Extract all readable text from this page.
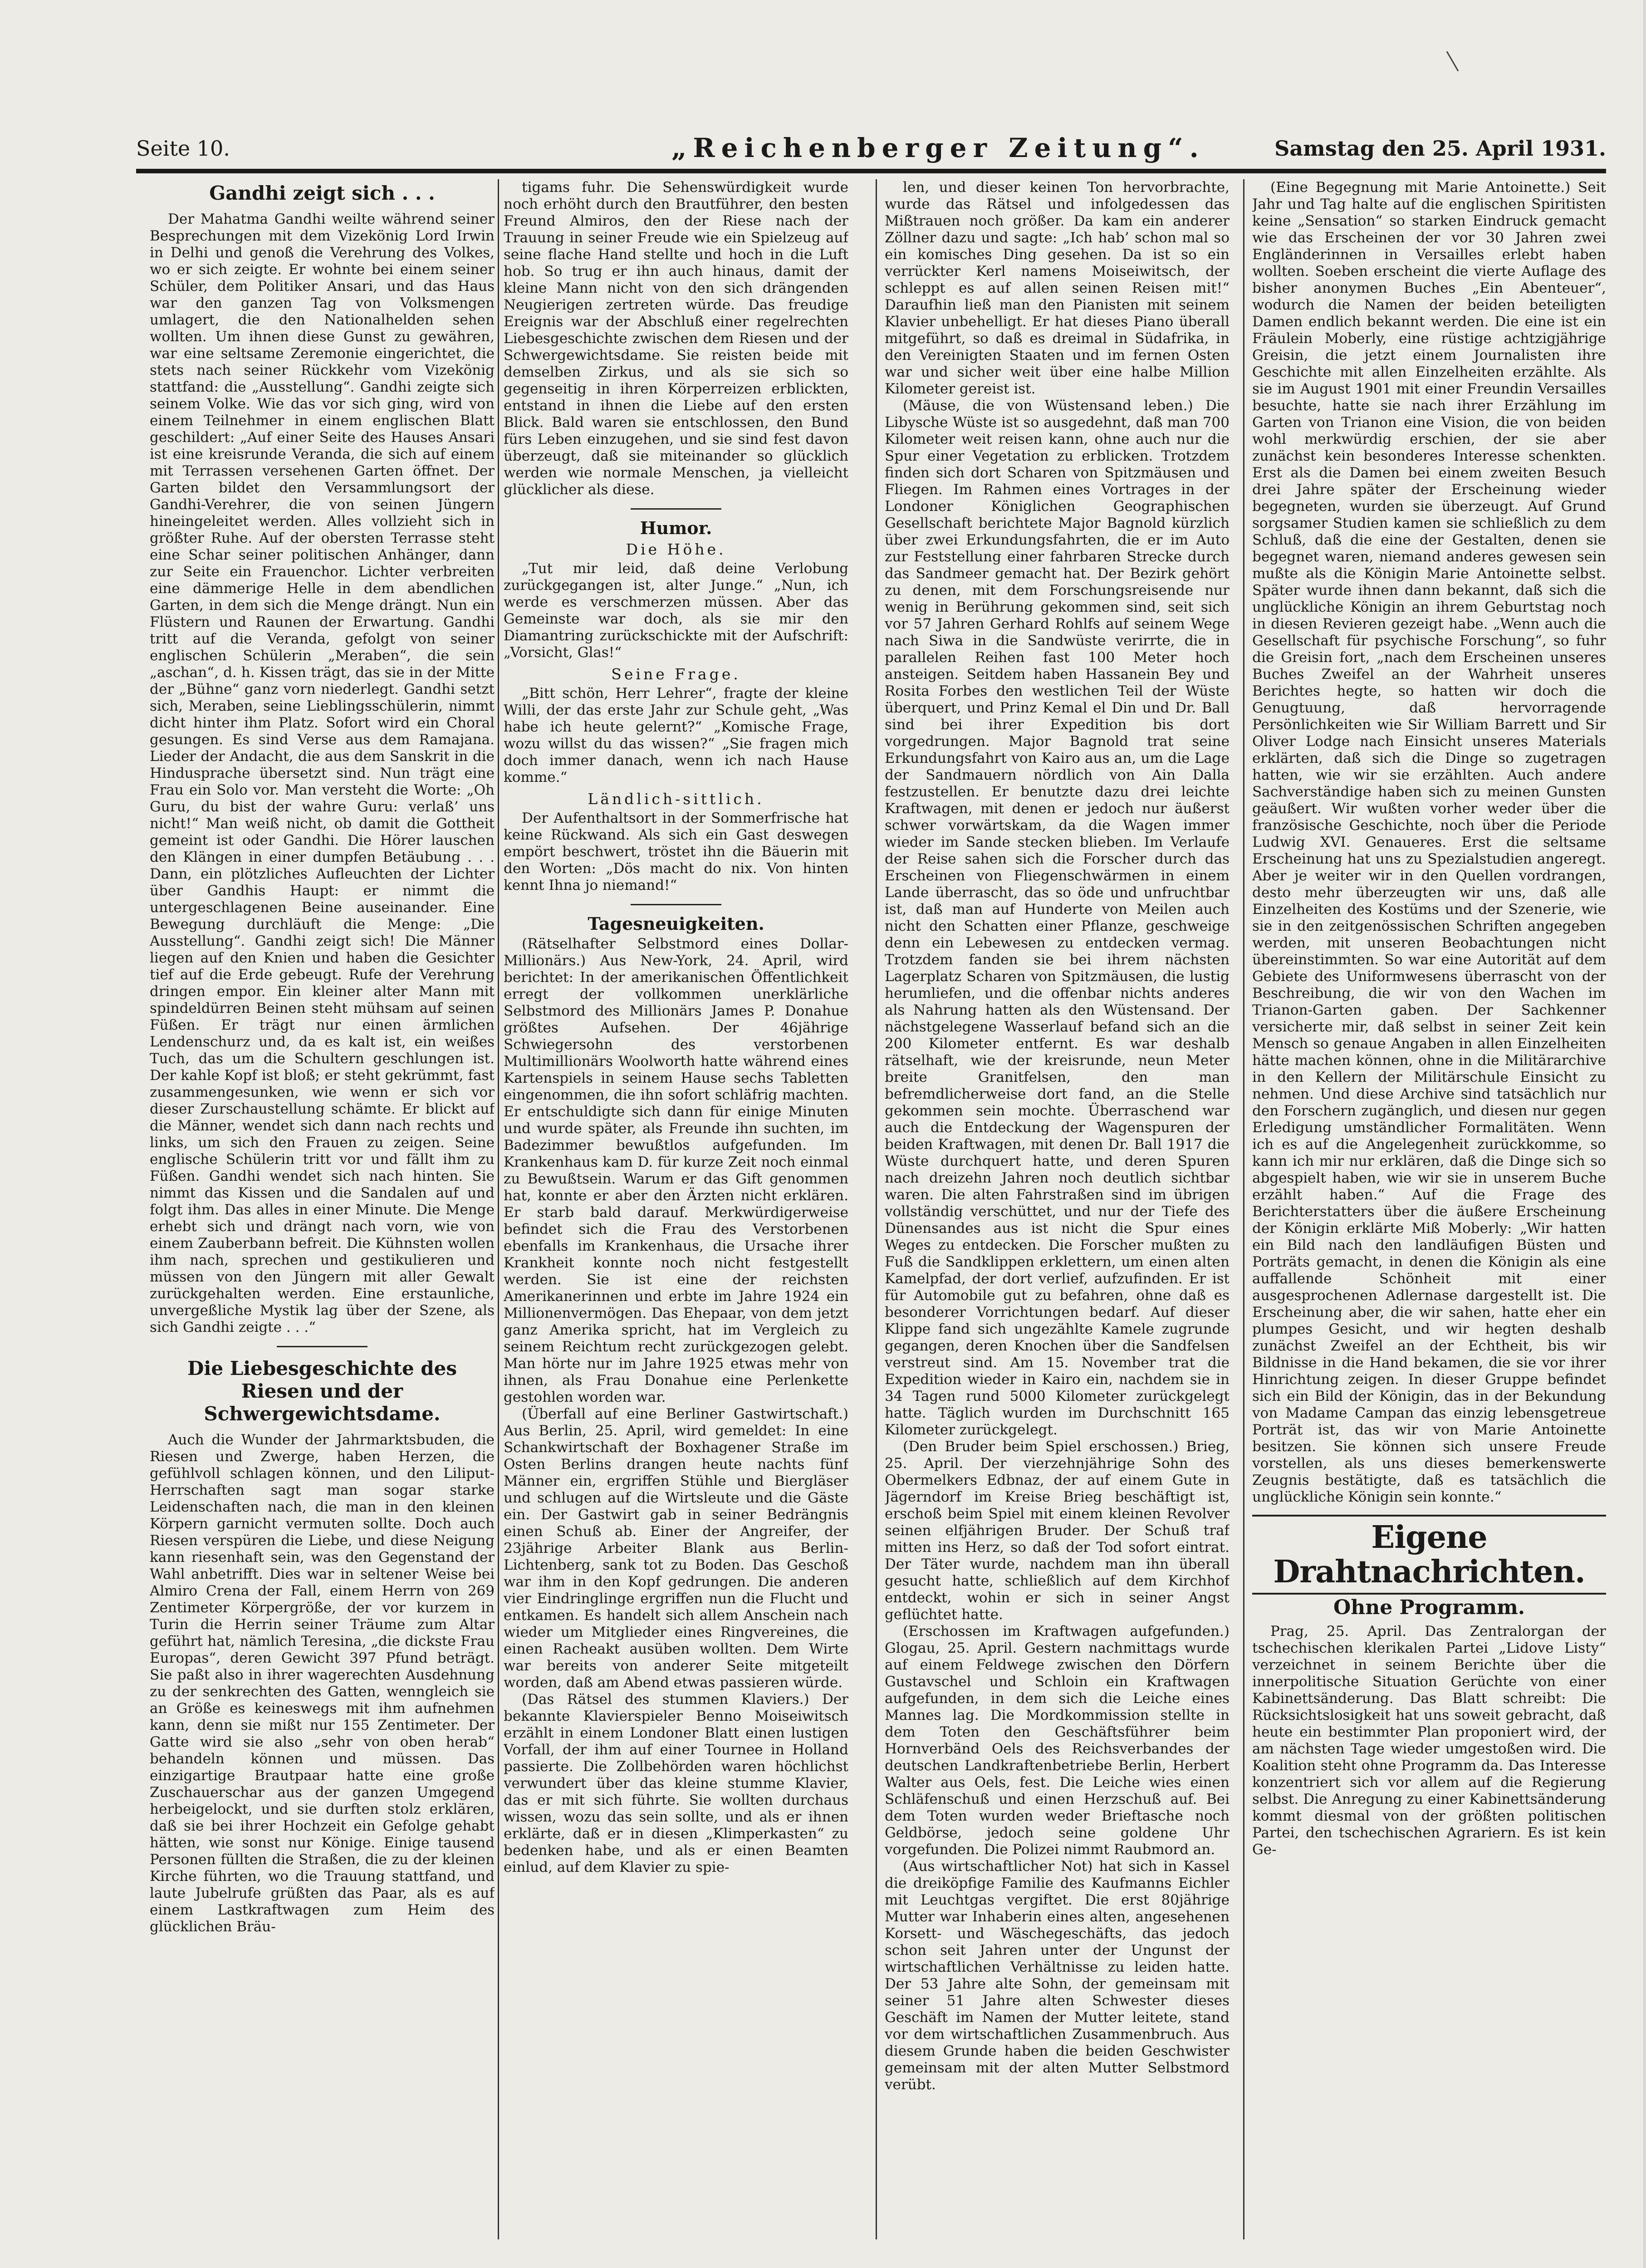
Seite 10.	„Reichenberger Zeitung“.	Samstag den 25. April 1931.
Gandhi zeigt sich . . .

Der Mahatma Gandhi weilte während seiner Besprechungen mit dem Vizekönig Lord Irwin in Delhi und genoß die Verehrung des Volkes, wo er sich zeigte. Er wohnte bei einem seiner Schüler, dem Politiker Ansari, und das Haus war den ganzen Tag von Volksmengen umlagert, die den Nationalhelden sehen wollten. Um ihnen diese Gunst zu gewähren, war eine seltsame Zeremonie eingerichtet, die stets nach seiner Rückkehr vom Vizekönig stattfand: die „Ausstellung“. Gandhi zeigte sich seinem Volke. Wie das vor sich ging, wird von einem Teilnehmer in einem englischen Blatt geschildert: „Auf einer Seite des Hauses Ansari ist eine kreisrunde Veranda, die sich auf einem mit Terrassen versehenen Garten öffnet. Der Garten bildet den Versammlungsort der Gandhi-Verehrer, die von seinen Jüngern hineingeleitet werden. Alles vollzieht sich in größter Ruhe. Auf der obersten Terrasse steht eine Schar seiner politischen Anhänger, dann zur Seite ein Frauenchor. Lichter verbreiten eine dämmerige Helle in dem abendlichen Garten, in dem sich die Menge drängt. Nun ein Flüstern und Raunen der Erwartung. Gandhi tritt auf die Veranda, gefolgt von seiner englischen Schülerin „Meraben“, die sein „aschan“, d. h. Kissen trägt, das sie in der Mitte der „Bühne“ ganz vorn niederlegt. Gandhi setzt sich, Meraben, seine Lieblingsschülerin, nimmt dicht hinter ihm Platz. Sofort wird ein Choral gesungen. Es sind Verse aus dem Ramajana. Lieder der Andacht, die aus dem Sanskrit in die Hindusprache übersetzt sind. Nun trägt eine Frau ein Solo vor. Man versteht die Worte: „Oh Guru, du bist der wahre Guru: verlaß’ uns nicht!“ Man weiß nicht, ob damit die Gottheit gemeint ist oder Gandhi. Die Hörer lauschen den Klängen in einer dumpfen Betäubung . . . Dann, ein plötzliches Aufleuchten der Lichter über Gandhis Haupt: er nimmt die untergeschlagenen Beine auseinander. Eine Bewegung durchläuft die Menge: „Die Ausstellung“. Gandhi zeigt sich! Die Männer liegen auf den Knien und haben die Gesichter tief auf die Erde gebeugt. Rufe der Verehrung dringen empor. Ein kleiner alter Mann mit spindeldürren Beinen steht mühsam auf seinen Füßen. Er trägt nur einen ärmlichen Lendenschurz und, da es kalt ist, ein weißes Tuch, das um die Schultern geschlungen ist. Der kahle Kopf ist bloß; er steht gekrümmt, fast zusammengesunken, wie wenn er sich vor dieser Zurschaustellung schämte. Er blickt auf die Männer, wendet sich dann nach rechts und links, um sich den Frauen zu zeigen. Seine englische Schülerin tritt vor und fällt ihm zu Füßen. Gandhi wendet sich nach hinten. Sie nimmt das Kissen und die Sandalen auf und folgt ihm. Das alles in einer Minute. Die Menge erhebt sich und drängt nach vorn, wie von einem Zauberbann befreit. Die Kühnsten wollen ihm nach, sprechen und gestikulieren und müssen von den Jüngern mit aller Gewalt zurückgehalten werden. Eine erstaunliche, unvergeßliche Mystik lag über der Szene, als sich Gandhi zeigte . . .“

Die Liebesgeschichte des Riesen und der Schwergewichtsdame.

Auch die Wunder der Jahrmarktsbuden, die Riesen und Zwerge, haben Herzen, die gefühlvoll schlagen können, und den Liliput-Herrschaften sagt man sogar starke Leidenschaften nach, die man in den kleinen Körpern garnicht vermuten sollte. Doch auch Riesen verspüren die Liebe, und diese Neigung kann riesenhaft sein, was den Gegenstand der Wahl anbetrifft. Dies war in seltener Weise bei Almiro Crena der Fall, einem Herrn von 269 Zentimeter Körpergröße, der vor kurzem in Turin die Herrin seiner Träume zum Altar geführt hat, nämlich Teresina, „die dickste Frau Europas“, deren Gewicht 397 Pfund beträgt. Sie paßt also in ihrer wagerechten Ausdehnung zu der senkrechten des Gatten, wenngleich sie an Größe es keineswegs mit ihm aufnehmen kann, denn sie mißt nur 155 Zentimeter. Der Gatte wird sie also „sehr von oben herab“ behandeln können und müssen. Das einzigartige Brautpaar hatte eine große Zuschauerschar aus der ganzen Umgegend herbeigelockt, und sie durften stolz erklären, daß sie bei ihrer Hochzeit ein Gefolge gehabt hätten, wie sonst nur Könige. Einige tausend Personen füllten die Straßen, die zu der kleinen Kirche führten, wo die Trauung stattfand, und laute Jubelrufe grüßten das Paar, als es auf einem Lastkraftwagen zum Heim des glücklichen Bräu-

tigams fuhr. Die Sehenswürdigkeit wurde noch erhöht durch den Brautführer, den besten Freund Almiros, den der Riese nach der Trauung in seiner Freude wie ein Spielzeug auf seine flache Hand stellte und hoch in die Luft hob. So trug er ihn auch hinaus, damit der kleine Mann nicht von den sich drängenden Neugierigen zertreten würde. Das freudige Ereignis war der Abschluß einer regelrechten Liebesgeschichte zwischen dem Riesen und der Schwergewichtsdame. Sie reisten beide mit demselben Zirkus, und als sie sich so gegenseitig in ihren Körperreizen erblickten, entstand in ihnen die Liebe auf den ersten Blick. Bald waren sie entschlossen, den Bund fürs Leben einzugehen, und sie sind fest davon überzeugt, daß sie miteinander so glücklich werden wie normale Menschen, ja vielleicht glücklicher als diese.

Humor.
Die Höhe.

„Tut mir leid, daß deine Verlobung zurückgegangen ist, alter Junge.“ „Nun, ich werde es verschmerzen müssen. Aber das Gemeinste war doch, als sie mir den Diamantring zurückschickte mit der Aufschrift: „Vorsicht, Glas!“

Seine Frage.

„Bitt schön, Herr Lehrer“, fragte der kleine Willi, der das erste Jahr zur Schule geht, „Was habe ich heute gelernt?“ „Komische Frage, wozu willst du das wissen?“ „Sie fragen mich doch immer danach, wenn ich nach Hause komme.“

Ländlich-sittlich.

Der Aufenthaltsort in der Sommerfrische hat keine Rückwand. Als sich ein Gast deswegen empört beschwert, tröstet ihn die Bäuerin mit den Worten: „Dös macht do nix. Von hinten kennt Ihna jo niemand!“

Tagesneuigkeiten.

(Rätselhafter Selbstmord eines Dollar-Millionärs.) Aus New-York, 24. April, wird berichtet: In der amerikanischen Öffentlichkeit erregt der vollkommen unerklärliche Selbstmord des Millionärs James P. Donahue größtes Aufsehen. Der 46jährige Schwiegersohn des verstorbenen Multimillionärs Woolworth hatte während eines Kartenspiels in seinem Hause sechs Tabletten eingenommen, die ihn sofort schläfrig machten. Er entschuldigte sich dann für einige Minuten und wurde später, als Freunde ihn suchten, im Badezimmer bewußtlos aufgefunden. Im Krankenhaus kam D. für kurze Zeit noch einmal zu Bewußtsein. Warum er das Gift genommen hat, konnte er aber den Ärzten nicht erklären. Er starb bald darauf. Merkwürdigerweise befindet sich die Frau des Verstorbenen ebenfalls im Krankenhaus, die Ursache ihrer Krankheit konnte noch nicht festgestellt werden. Sie ist eine der reichsten Amerikanerinnen und erbte im Jahre 1924 ein Millionenvermögen. Das Ehepaar, von dem jetzt ganz Amerika spricht, hat im Vergleich zu seinem Reichtum recht zurückgezogen gelebt. Man hörte nur im Jahre 1925 etwas mehr von ihnen, als Frau Donahue eine Perlenkette gestohlen worden war.

(Überfall auf eine Berliner Gastwirtschaft.) Aus Berlin, 25. April, wird gemeldet: In eine Schankwirtschaft der Boxhagener Straße im Osten Berlins drangen heute nachts fünf Männer ein, ergriffen Stühle und Biergläser und schlugen auf die Wirtsleute und die Gäste ein. Der Gastwirt gab in seiner Bedrängnis einen Schuß ab. Einer der Angreifer, der 23jährige Arbeiter Blank aus Berlin-Lichtenberg, sank tot zu Boden. Das Geschoß war ihm in den Kopf gedrungen. Die anderen vier Eindringlinge ergriffen nun die Flucht und entkamen. Es handelt sich allem Anschein nach wieder um Mitglieder eines Ringvereines, die einen Racheakt ausüben wollten. Dem Wirte war bereits von anderer Seite mitgeteilt worden, daß am Abend etwas passieren würde.

(Das Rätsel des stummen Klaviers.) Der bekannte Klavierspieler Benno Moiseiwitsch erzählt in einem Londoner Blatt einen lustigen Vorfall, der ihm auf einer Tournee in Holland passierte. Die Zollbehörden waren höchlichst verwundert über das kleine stumme Klavier, das er mit sich führte. Sie wollten durchaus wissen, wozu das sein sollte, und als er ihnen erklärte, daß er in diesen „Klimperkasten“ zu bedenken habe, und als er einen Beamten einlud, auf dem Klavier zu spie-

len, und dieser keinen Ton hervorbrachte, wurde das Rätsel und infolgedessen das Mißtrauen noch größer. Da kam ein anderer Zöllner dazu und sagte: „Ich hab’ schon mal so ein komisches Ding gesehen. Da ist so ein verrückter Kerl namens Moiseiwitsch, der schleppt es auf allen seinen Reisen mit!“ Daraufhin ließ man den Pianisten mit seinem Klavier unbehelligt. Er hat dieses Piano überall mitgeführt, so daß es dreimal in Südafrika, in den Vereinigten Staaten und im fernen Osten war und sicher weit über eine halbe Million Kilometer gereist ist.

(Mäuse, die von Wüstensand leben.) Die Libysche Wüste ist so ausgedehnt, daß man 700 Kilometer weit reisen kann, ohne auch nur die Spur einer Vegetation zu erblicken. Trotzdem finden sich dort Scharen von Spitzmäusen und Fliegen. Im Rahmen eines Vortrages in der Londoner Königlichen Geographischen Gesellschaft berichtete Major Bagnold kürzlich über zwei Erkundungsfahrten, die er im Auto zur Feststellung einer fahrbaren Strecke durch das Sandmeer gemacht hat. Der Bezirk gehört zu denen, mit dem Forschungsreisende nur wenig in Berührung gekommen sind, seit sich vor 57 Jahren Gerhard Rohlfs auf seinem Wege nach Siwa in die Sandwüste verirrte, die in parallelen Reihen fast 100 Meter hoch ansteigen. Seitdem haben Hassanein Bey und Rosita Forbes den westlichen Teil der Wüste überquert, und Prinz Kemal el Din und Dr. Ball sind bei ihrer Expedition bis dort vorgedrungen. Major Bagnold trat seine Erkundungsfahrt von Kairo aus an, um die Lage der Sandmauern nördlich von Ain Dalla festzustellen. Er benutzte dazu drei leichte Kraftwagen, mit denen er jedoch nur äußerst schwer vorwärtskam, da die Wagen immer wieder im Sande stecken blieben. Im Verlaufe der Reise sahen sich die Forscher durch das Erscheinen von Fliegenschwärmen in einem Lande überrascht, das so öde und unfruchtbar ist, daß man auf Hunderte von Meilen auch nicht den Schatten einer Pflanze, geschweige denn ein Lebewesen zu entdecken vermag. Trotzdem fanden sie bei ihrem nächsten Lagerplatz Scharen von Spitzmäusen, die lustig herumliefen, und die offenbar nichts anderes als Nahrung hatten als den Wüstensand. Der nächstgelegene Wasserlauf befand sich an die 200 Kilometer entfernt. Es war deshalb rätselhaft, wie der kreisrunde, neun Meter breite Granitfelsen, den man befremdlicherweise dort fand, an die Stelle gekommen sein mochte. Überraschend war auch die Entdeckung der Wagenspuren der beiden Kraftwagen, mit denen Dr. Ball 1917 die Wüste durchquert hatte, und deren Spuren nach dreizehn Jahren noch deutlich sichtbar waren. Die alten Fahrstraßen sind im übrigen vollständig verschüttet, und nur der Tiefe des Dünensandes aus ist nicht die Spur eines Weges zu entdecken. Die Forscher mußten zu Fuß die Sandklippen erklettern, um einen alten Kamelpfad, der dort verlief, aufzufinden. Er ist für Automobile gut zu befahren, ohne daß es besonderer Vorrichtungen bedarf. Auf dieser Klippe fand sich ungezählte Kamele zugrunde gegangen, deren Knochen über die Sandfelsen verstreut sind. Am 15. November trat die Expedition wieder in Kairo ein, nachdem sie in 34 Tagen rund 5000 Kilometer zurückgelegt hatte. Täglich wurden im Durchschnitt 165 Kilometer zurückgelegt.

(Den Bruder beim Spiel erschossen.) Brieg, 25. April. Der vierzehnjährige Sohn des Obermelkers Edbnaz, der auf einem Gute in Jägerndorf im Kreise Brieg beschäftigt ist, erschoß beim Spiel mit einem kleinen Revolver seinen elfjährigen Bruder. Der Schuß traf mitten ins Herz, so daß der Tod sofort eintrat. Der Täter wurde, nachdem man ihn überall gesucht hatte, schließlich auf dem Kirchhof entdeckt, wohin er sich in seiner Angst geflüchtet hatte.

(Erschossen im Kraftwagen aufgefunden.) Glogau, 25. April. Gestern nachmittags wurde auf einem Feldwege zwischen den Dörfern Gustavschel und Schloin ein Kraftwagen aufgefunden, in dem sich die Leiche eines Mannes lag. Die Mordkommission stellte in dem Toten den Geschäftsführer beim Hornverbänd Oels des Reichsverbandes der deutschen Landkraftenbetriebe Berlin, Herbert Walter aus Oels, fest. Die Leiche wies einen Schläfenschuß und einen Herzschuß auf. Bei dem Toten wurden weder Brieftasche noch Geldbörse, jedoch seine goldene Uhr vorgefunden. Die Polizei nimmt Raubmord an.

(Aus wirtschaftlicher Not) hat sich in Kassel die dreiköpfige Familie des Kaufmanns Eichler mit Leuchtgas vergiftet. Die erst 80jährige Mutter war Inhaberin eines alten, angesehenen Korsett- und Wäschegeschäfts, das jedoch schon seit Jahren unter der Ungunst der wirtschaftlichen Verhältnisse zu leiden hatte. Der 53 Jahre alte Sohn, der gemeinsam mit seiner 51 Jahre alten Schwester dieses Geschäft im Namen der Mutter leitete, stand vor dem wirtschaftlichen Zusammenbruch. Aus diesem Grunde haben die beiden Geschwister gemeinsam mit der alten Mutter Selbstmord verübt.

(Eine Begegnung mit Marie Antoinette.) Seit Jahr und Tag halte auf die englischen Spiritisten keine „Sensation“ so starken Eindruck gemacht wie das Erscheinen der vor 30 Jahren zwei Engländerinnen in Versailles erlebt haben wollten. Soeben erscheint die vierte Auflage des bisher anonymen Buches „Ein Abenteuer“, wodurch die Namen der beiden beteiligten Damen endlich bekannt werden. Die eine ist ein Fräulein Moberly, eine rüstige achtzigjährige Greisin, die jetzt einem Journalisten ihre Geschichte mit allen Einzelheiten erzählte. Als sie im August 1901 mit einer Freundin Versailles besuchte, hatte sie nach ihrer Erzählung im Garten von Trianon eine Vision, die von beiden wohl merkwürdig erschien, der sie aber zunächst kein besonderes Interesse schenkten. Erst als die Damen bei einem zweiten Besuch drei Jahre später der Erscheinung wieder begegneten, wurden sie überzeugt. Auf Grund sorgsamer Studien kamen sie schließlich zu dem Schluß, daß die eine der Gestalten, denen sie begegnet waren, niemand anderes gewesen sein mußte als die Königin Marie Antoinette selbst. Später wurde ihnen dann bekannt, daß sich die unglückliche Königin an ihrem Geburtstag noch in diesen Revieren gezeigt habe. „Wenn auch die Gesellschaft für psychische Forschung“, so fuhr die Greisin fort, „nach dem Erscheinen unseres Buches Zweifel an der Wahrheit unseres Berichtes hegte, so hatten wir doch die Genugtuung, daß hervorragende Persönlichkeiten wie Sir William Barrett und Sir Oliver Lodge nach Einsicht unseres Materials erklärten, daß sich die Dinge so zugetragen hatten, wie wir sie erzählten. Auch andere Sachverständige haben sich zu meinen Gunsten geäußert. Wir wußten vorher weder über die französische Geschichte, noch über die Periode Ludwig XVI. Genaueres. Erst die seltsame Erscheinung hat uns zu Spezialstudien angeregt. Aber je weiter wir in den Quellen vordrangen, desto mehr überzeugten wir uns, daß alle Einzelheiten des Kostüms und der Szenerie, wie sie in den zeitgenössischen Schriften angegeben werden, mit unseren Beobachtungen nicht übereinstimmten. So war eine Autorität auf dem Gebiete des Uniformwesens überrascht von der Beschreibung, die wir von den Wachen im Trianon-Garten gaben. Der Sachkenner versicherte mir, daß selbst in seiner Zeit kein Mensch so genaue Angaben in allen Einzelheiten hätte machen können, ohne in die Militärarchive in den Kellern der Militärschule Einsicht zu nehmen. Und diese Archive sind tatsächlich nur den Forschern zugänglich, und diesen nur gegen Erledigung umständlicher Formalitäten. Wenn ich es auf die Angelegenheit zurückkomme, so kann ich mir nur erklären, daß die Dinge sich so abgespielt haben, wie wir sie in unserem Buche erzählt haben.“ Auf die Frage des Berichterstatters über die äußere Erscheinung der Königin erklärte Miß Moberly: „Wir hatten ein Bild nach den landläufigen Büsten und Porträts gemacht, in denen die Königin als eine auffallende Schönheit mit einer ausgesprochenen Adlernase dargestellt ist. Die Erscheinung aber, die wir sahen, hatte eher ein plumpes Gesicht, und wir hegten deshalb zunächst Zweifel an der Echtheit, bis wir Bildnisse in die Hand bekamen, die sie vor ihrer Hinrichtung zeigen. In dieser Gruppe befindet sich ein Bild der Königin, das in der Bekundung von Madame Campan das einzig lebensgetreue Porträt ist, das wir von Marie Antoinette besitzen. Sie können sich unsere Freude vorstellen, als uns dieses bemerkenswerte Zeugnis bestätigte, daß es tatsächlich die unglückliche Königin sein konnte.“

Eigene Drahtnachrichten.
Ohne Programm.

Prag, 25. April. Das Zentralorgan der tschechischen klerikalen Partei „Lidove Listy“ verzeichnet in seinem Berichte über die innerpolitische Situation Gerüchte von einer Kabinettsänderung. Das Blatt schreibt: Die Rücksichtslosigkeit hat uns soweit gebracht, daß heute ein bestimmter Plan proponiert wird, der am nächsten Tage wieder umgestoßen wird. Die Koalition steht ohne Programm da. Das Interesse konzentriert sich vor allem auf die Regierung selbst. Die Anregung zu einer Kabinettsänderung kommt diesmal von der größten politischen Partei, den tschechischen Agrariern. Es ist kein Ge-
